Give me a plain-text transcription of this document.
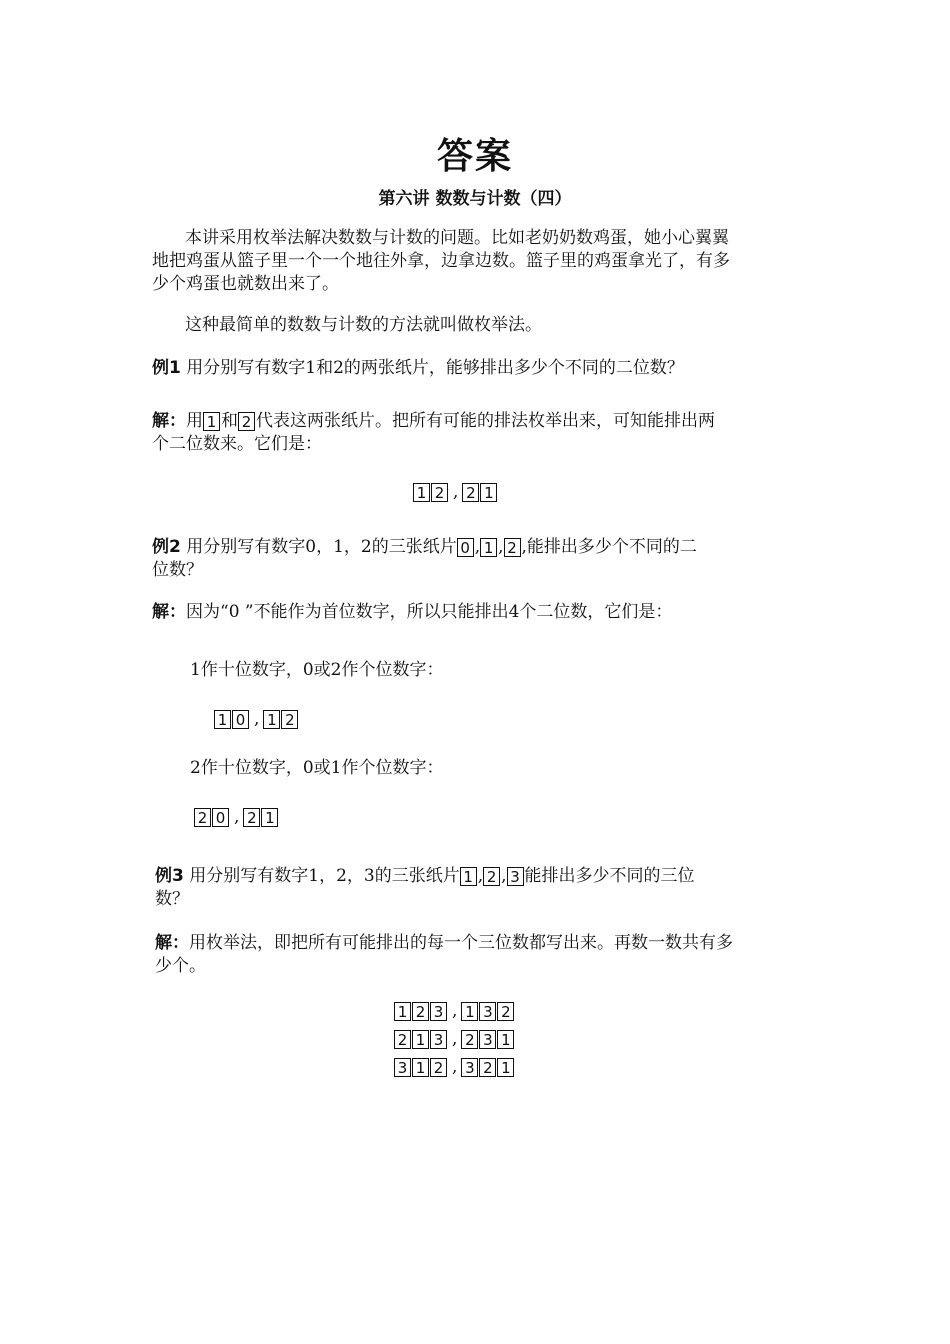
答案
第六讲 数数与计数（四）
本讲采用枚举法解决数数与计数的问题。比如老奶奶数鸡蛋，她小心翼翼
地把鸡蛋从篮子里一个一个地往外拿，边拿边数。篮子里的鸡蛋拿光了，有多
少个鸡蛋也就数出来了。
这种最简单的数数与计数的方法就叫做枚举法。
例1 用分别写有数字1和2的两张纸片，能够排出多少个不同的二位数？
解：用 1 和 2 代表这两张纸片。把所有可能的排法枚举出来，可知能排出两
个二位数来。它们是：
1 2 , 2 1
例2 用分别写有数字0，1，2的三张纸片 0 , 1 , 2 ,能排出多少个不同的二
位数？
解：因为“0 ”不能作为首位数字，所以只能排出4个二位数，它们是：
1作十位数字，0或2作个位数字：
1 0 , 1 2
2作十位数字，0或1作个位数字：
2 0 , 2 1
例3 用分别写有数字1，2，3的三张纸片 1 , 2 , 3 能排出多少不同的三位
数？
解：用枚举法，即把所有可能排出的每一个三位数都写出来。再数一数共有多
少个。
1 2 3 , 1 3 2
2 1 3 , 2 3 1
3 1 2 , 3 2 1
